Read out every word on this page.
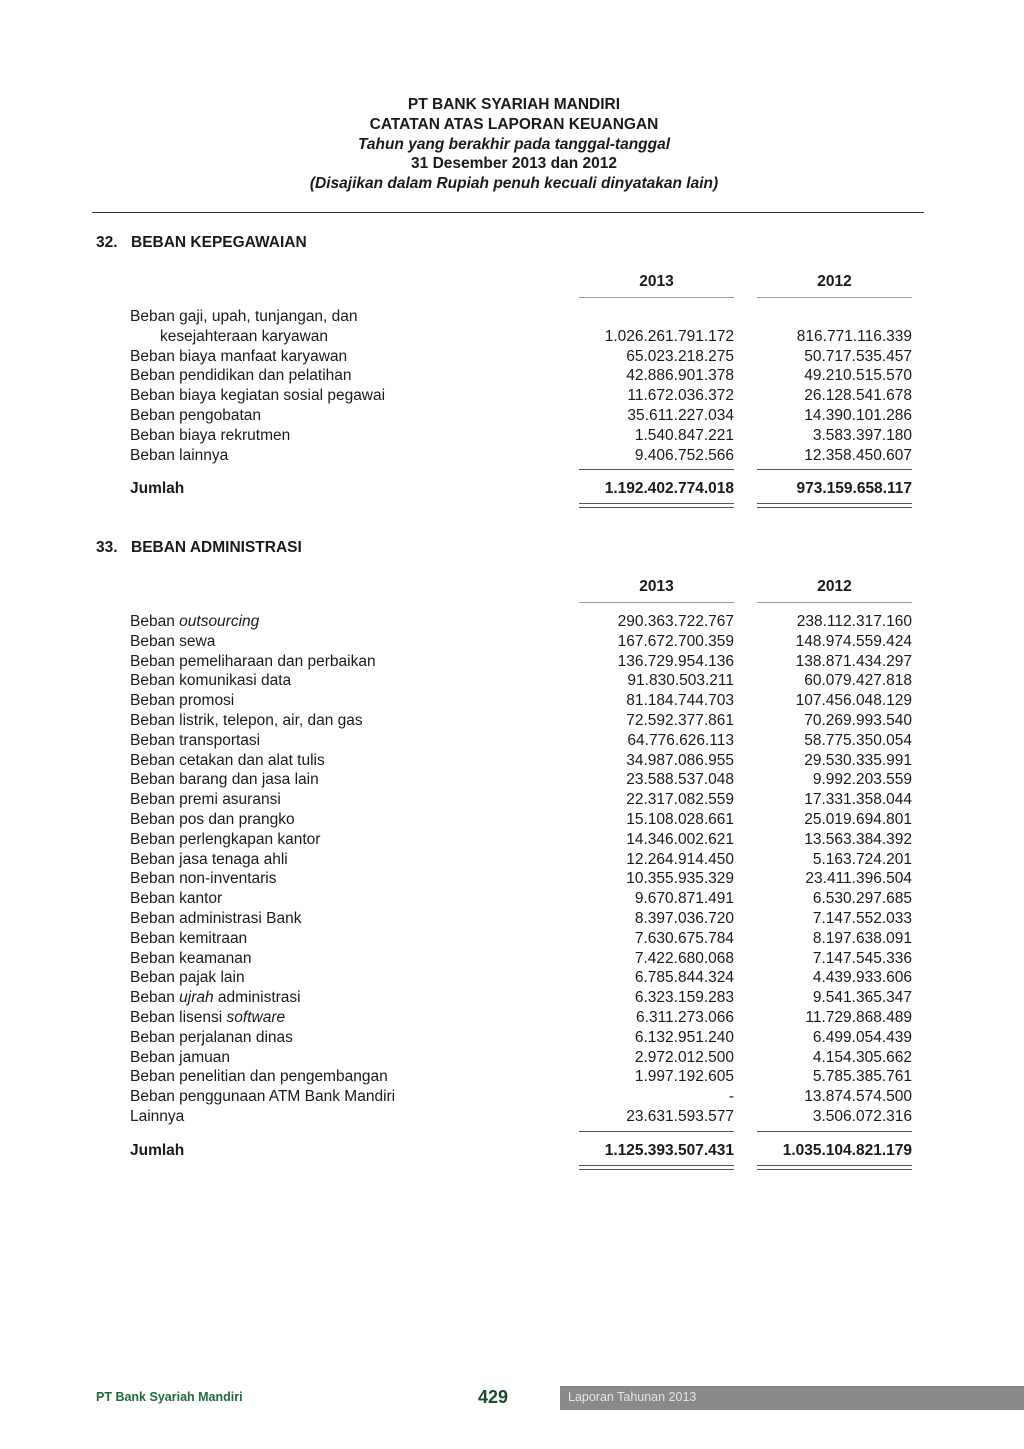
PT BANK SYARIAH MANDIRI
CATATAN ATAS LAPORAN KEUANGAN
Tahun yang berakhir pada tanggal-tanggal
31 Desember 2013 dan 2012
(Disajikan dalam Rupiah penuh kecuali dinyatakan lain)
32. BEBAN KEPEGAWAIAN
2013	2012
Beban gaji, upah, tunjangan, dan
kesejahteraan karyawan	1.026.261.791.172	816.771.116.339
Beban biaya manfaat karyawan	65.023.218.275	50.717.535.457
Beban pendidikan dan pelatihan	42.886.901.378	49.210.515.570
Beban biaya kegiatan sosial pegawai	11.672.036.372	26.128.541.678
Beban pengobatan	35.611.227.034	14.390.101.286
Beban biaya rekrutmen	1.540.847.221	3.583.397.180
Beban lainnya	9.406.752.566	12.358.450.607
Jumlah	1.192.402.774.018	973.159.658.117
33. BEBAN ADMINISTRASI
2013	2012
Beban outsourcing	290.363.722.767	238.112.317.160
Beban sewa	167.672.700.359	148.974.559.424
Beban pemeliharaan dan perbaikan	136.729.954.136	138.871.434.297
Beban komunikasi data	91.830.503.211	60.079.427.818
Beban promosi	81.184.744.703	107.456.048.129
Beban listrik, telepon, air, dan gas	72.592.377.861	70.269.993.540
Beban transportasi	64.776.626.113	58.775.350.054
Beban cetakan dan alat tulis	34.987.086.955	29.530.335.991
Beban barang dan jasa lain	23.588.537.048	9.992.203.559
Beban premi asuransi	22.317.082.559	17.331.358.044
Beban pos dan prangko	15.108.028.661	25.019.694.801
Beban perlengkapan kantor	14.346.002.621	13.563.384.392
Beban jasa tenaga ahli	12.264.914.450	5.163.724.201
Beban non-inventaris	10.355.935.329	23.411.396.504
Beban kantor	9.670.871.491	6.530.297.685
Beban administrasi Bank	8.397.036.720	7.147.552.033
Beban kemitraan	7.630.675.784	8.197.638.091
Beban keamanan	7.422.680.068	7.147.545.336
Beban pajak lain	6.785.844.324	4.439.933.606
Beban ujrah administrasi	6.323.159.283	9.541.365.347
Beban lisensi software	6.311.273.066	11.729.868.489
Beban perjalanan dinas	6.132.951.240	6.499.054.439
Beban jamuan	2.972.012.500	4.154.305.662
Beban penelitian dan pengembangan	1.997.192.605	5.785.385.761
Beban penggunaan ATM Bank Mandiri	-	13.874.574.500
Lainnya	23.631.593.577	3.506.072.316
Jumlah	1.125.393.507.431	1.035.104.821.179
PT Bank Syariah Mandiri	429	Laporan Tahunan 2013
